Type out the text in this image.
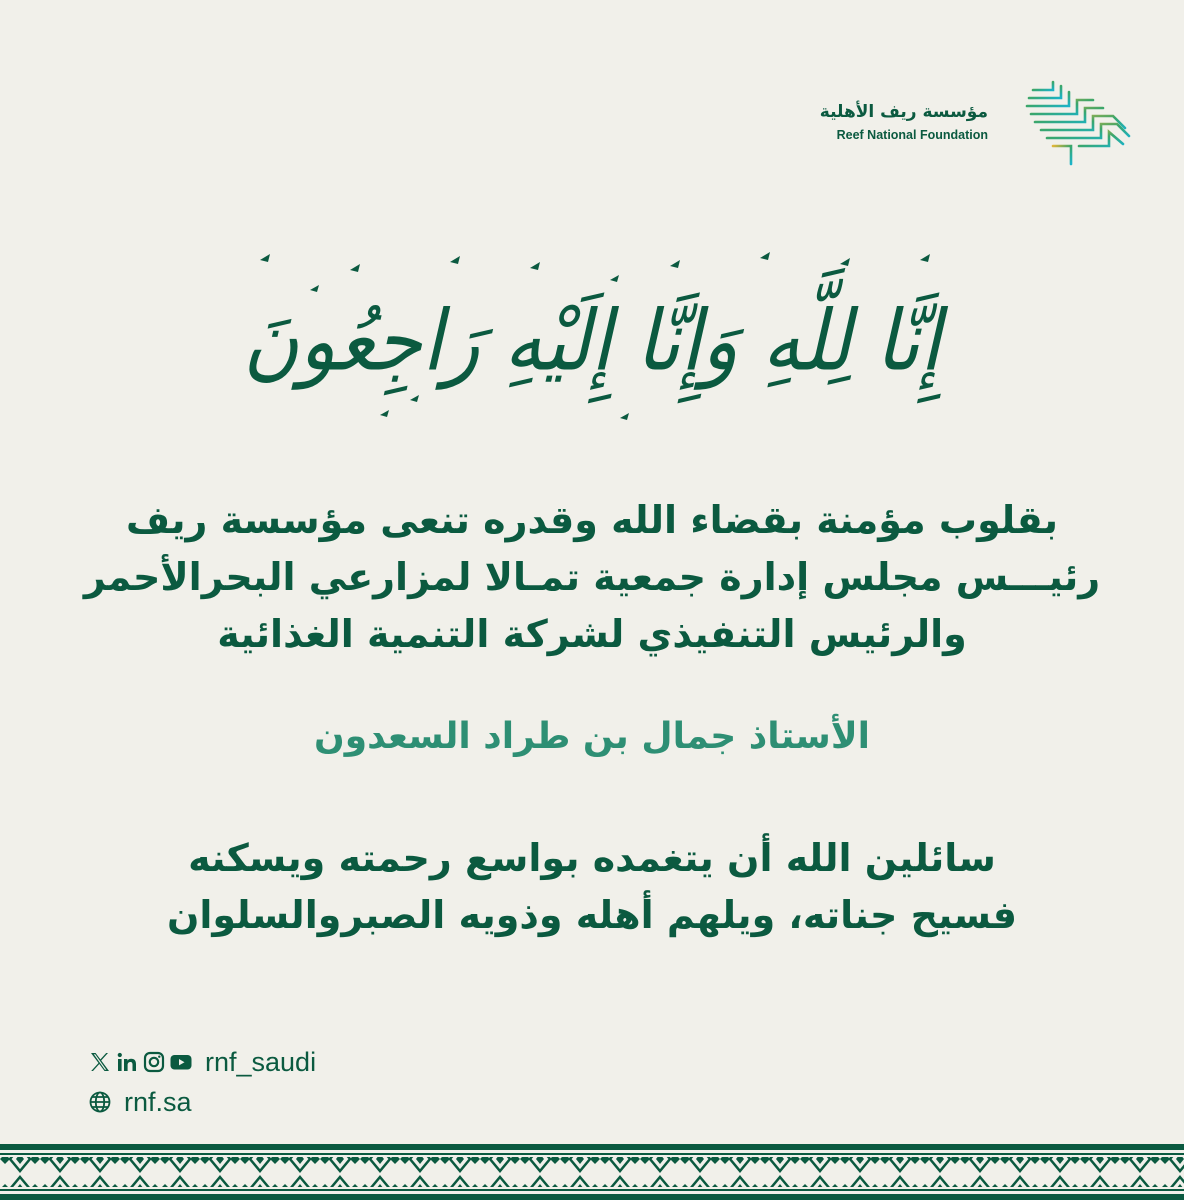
مؤسسة ريف الأهلية
Reef National Foundation
إِنَّا لِلَّهِ وَإِنَّا إِلَيْهِ رَاجِعُونَ
بقلوب مؤمنة بقضاء الله وقدره تنعى مؤسسة ريف
رئيـــس مجلس إدارة جمعية تمـالا لمزارعي البحرالأحمر
والرئيس التنفيذي لشركة التنمية الغذائية
الأستاذ جمال بن طراد السعدون
سائلين الله أن يتغمده بواسع رحمته ويسكنه
فسيح جناته، ويلهم أهله وذويه الصبروالسلوان
rnf_saudi
rnf.sa
